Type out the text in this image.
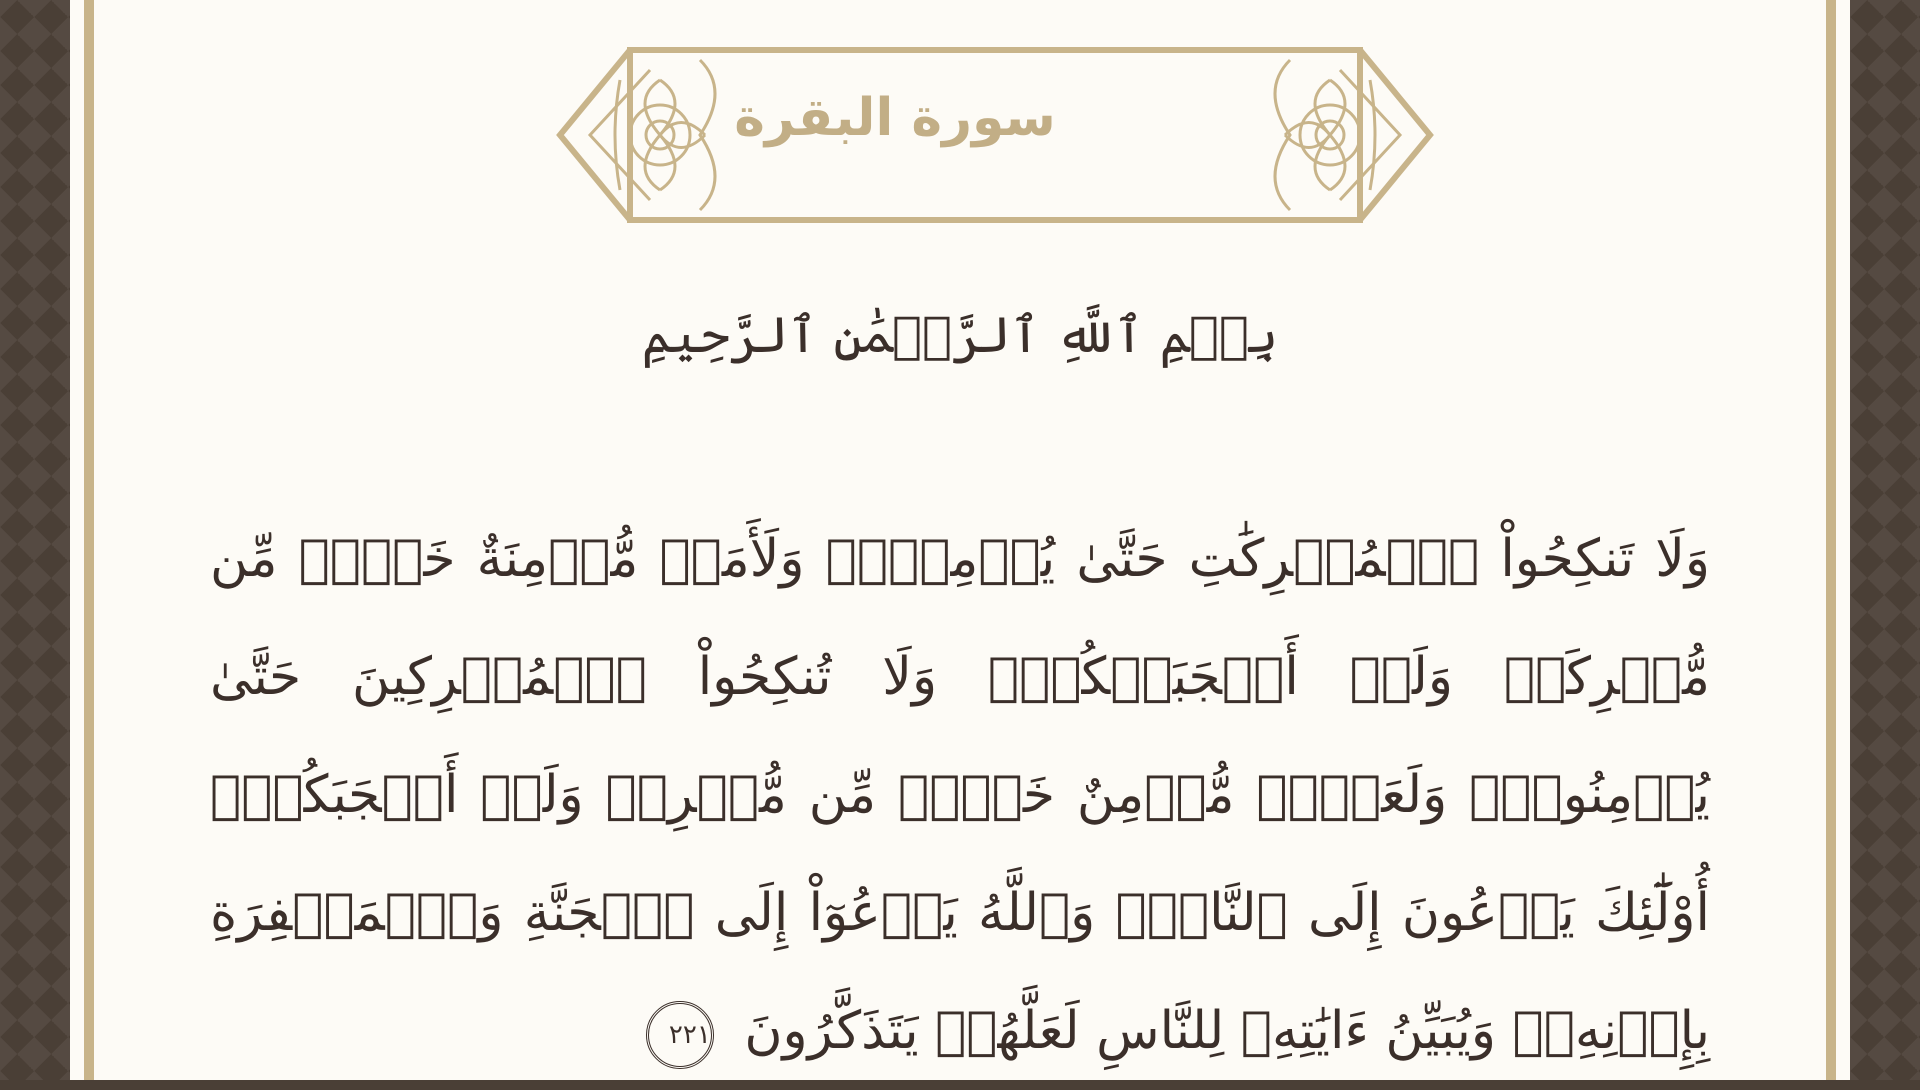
سورة البقرة
بِسۡمِ ٱللَّهِ ٱلرَّحۡمَٰنِ ٱلرَّحِيمِ
وَلَا تَنكِحُواْ ٱلۡمُشۡرِكَٰتِ حَتَّىٰ يُؤۡمِنَّۚ وَلَأَمَةٞ مُّؤۡمِنَةٌ خَيۡرٞ مِّن مُّشۡرِكَةٖ وَلَوۡ أَعۡجَبَتۡكُمۡۗ وَلَا تُنكِحُواْ ٱلۡمُشۡرِكِينَ حَتَّىٰ يُؤۡمِنُواْۚ وَلَعَبۡدٞ مُّؤۡمِنٌ خَيۡرٞ مِّن مُّشۡرِكٖ وَلَوۡ أَعۡجَبَكُمۡۗ أُوْلَٰٓئِكَ يَدۡعُونَ إِلَى ٱلنَّارِۖ وَٱللَّهُ يَدۡعُوٓاْ إِلَى ٱلۡجَنَّةِ وَٱلۡمَغۡفِرَةِ بِإِذۡنِهِۦۖ وَيُبَيِّنُ ءَايَٰتِهِۦ لِلنَّاسِ لَعَلَّهُمۡ يَتَذَكَّرُونَ ٢٢١
